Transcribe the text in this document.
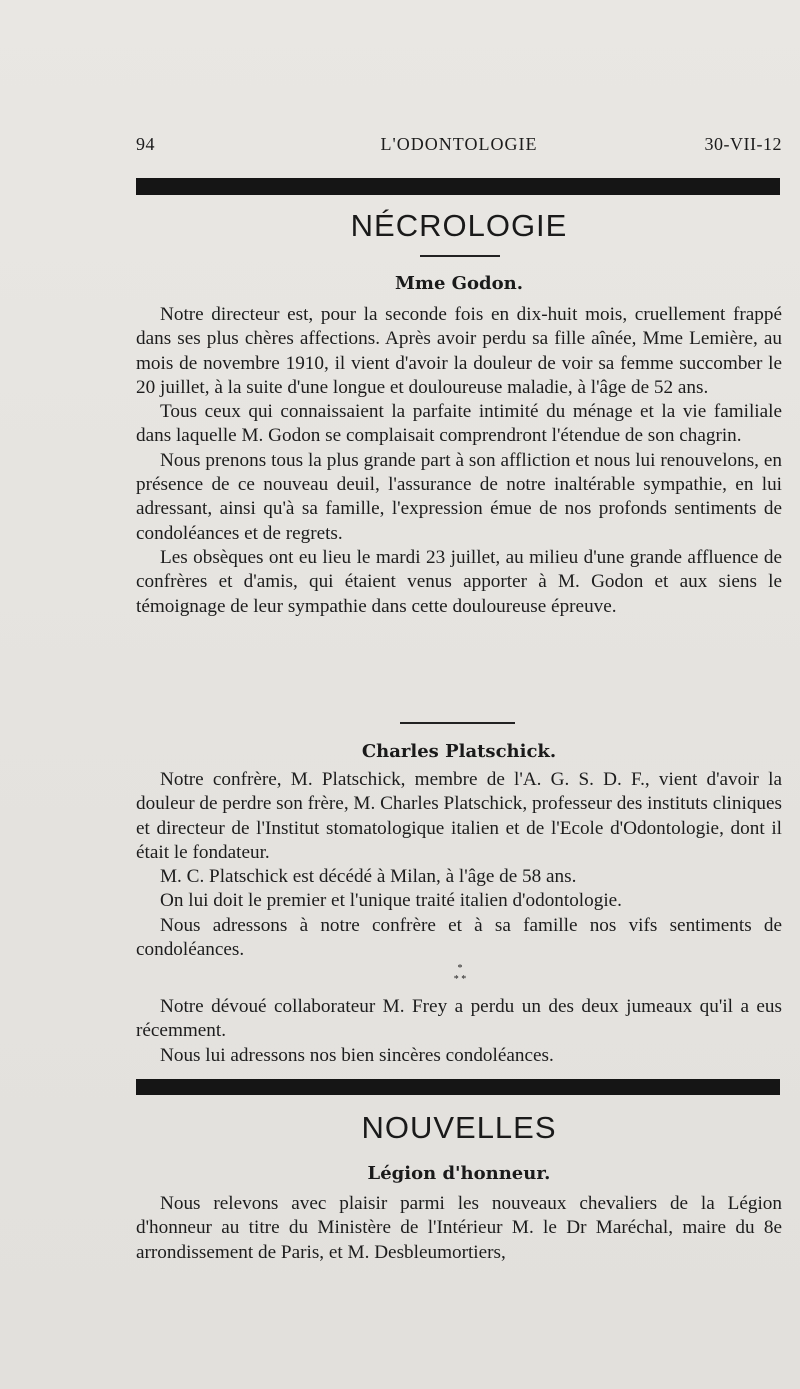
94	L'ODONTOLOGIE	30-VII-12
NÉCROLOGIE
Mme Godon.

Notre directeur est, pour la seconde fois en dix-huit mois, cruellement frappé dans ses plus chères affections. Après avoir perdu sa fille aînée, Mme Lemière, au mois de novembre 1910, il vient d'avoir la douleur de voir sa femme succomber le 20 juillet, à la suite d'une longue et douloureuse maladie, à l'âge de 52 ans.

Tous ceux qui connaissaient la parfaite intimité du ménage et la vie familiale dans laquelle M. Godon se complaisait comprendront l'étendue de son chagrin.

Nous prenons tous la plus grande part à son affliction et nous lui renouvelons, en présence de ce nouveau deuil, l'assurance de notre inaltérable sympathie, en lui adressant, ainsi qu'à sa famille, l'expression émue de nos profonds sentiments de condoléances et de regrets.

Les obsèques ont eu lieu le mardi 23 juillet, au milieu d'une grande affluence de confrères et d'amis, qui étaient venus apporter à M. Godon et aux siens le témoignage de leur sympathie dans cette douloureuse épreuve.

Charles Platschick.

Notre confrère, M. Platschick, membre de l'A. G. S. D. F., vient d'avoir la douleur de perdre son frère, M. Charles Platschick, professeur des instituts cliniques et directeur de l'Institut stomatologique italien et de l'Ecole d'Odontologie, dont il était le fondateur.

M. C. Platschick est décédé à Milan, à l'âge de 58 ans.

On lui doit le premier et l'unique traité italien d'odontologie.

Nous adressons à notre confrère et à sa famille nos vifs sentiments de condoléances.

*
* *

Notre dévoué collaborateur M. Frey a perdu un des deux jumeaux qu'il a eus récemment.

Nous lui adressons nos bien sincères condoléances.

NOUVELLES
Légion d'honneur.

Nous relevons avec plaisir parmi les nouveaux chevaliers de la Légion d'honneur au titre du Ministère de l'Intérieur M. le Dr Maréchal, maire du 8e arrondissement de Paris, et M. Desbleumortiers,
